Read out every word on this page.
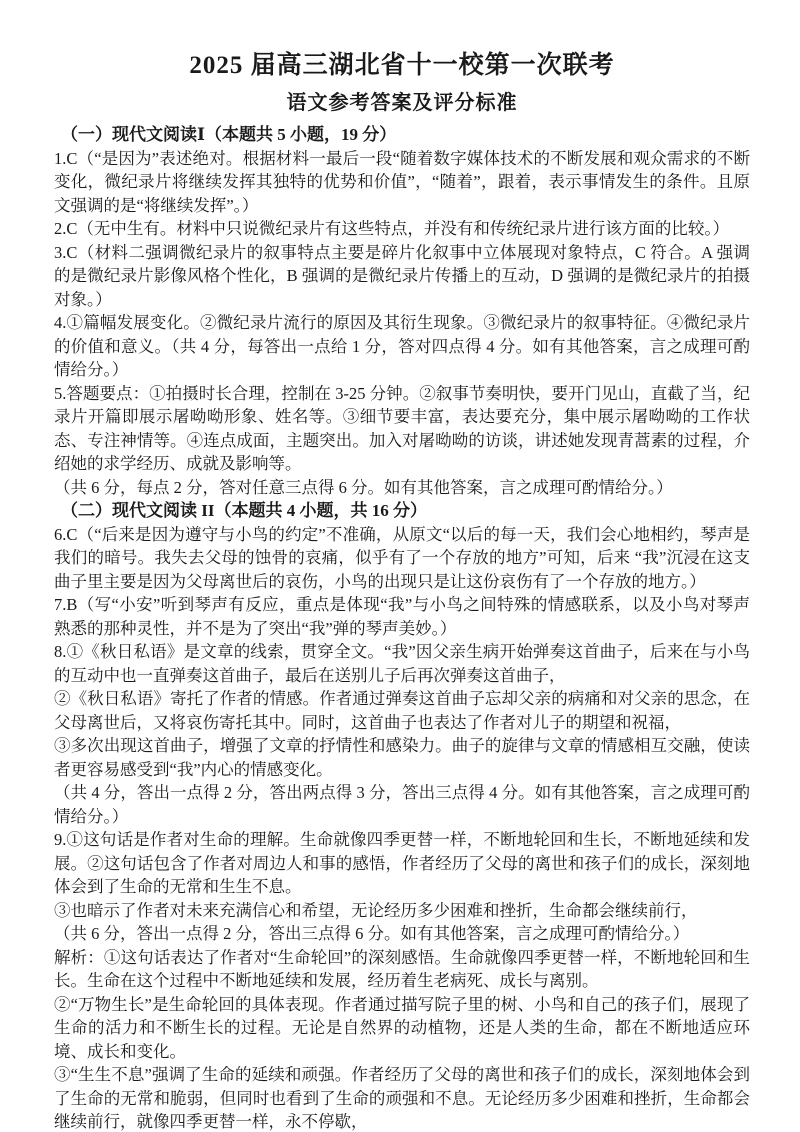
2025 届高三湖北省十一校第一次联考
语文参考答案及评分标准
（一）现代文阅读Ⅰ（本题共 5 小题，19 分）

1.C（“是因为”表述绝对。根据材料一最后一段“随着数字媒体技术的不断发展和观众需求的不断变化，微纪录片将继续发挥其独特的优势和价值”，“随着”，跟着，表示事情发生的条件。且原文强调的是“将继续发挥”。）

2.C（无中生有。材料中只说微纪录片有这些特点，并没有和传统纪录片进行该方面的比较。）

3.C（材料二强调微纪录片的叙事特点主要是碎片化叙事中立体展现对象特点，C 符合。A 强调的是微纪录片影像风格个性化，B 强调的是微纪录片传播上的互动，D 强调的是微纪录片的拍摄对象。）

4.①篇幅发展变化。②微纪录片流行的原因及其衍生现象。③微纪录片的叙事特征。④微纪录片的价值和意义。（共 4 分，每答出一点给 1 分，答对四点得 4 分。如有其他答案，言之成理可酌情给分。）

5.答题要点：①拍摄时长合理，控制在 3-25 分钟。②叙事节奏明快，要开门见山，直截了当，纪录片开篇即展示屠呦呦形象、姓名等。③细节要丰富，表达要充分，集中展示屠呦呦的工作状态、专注神情等。④连点成面，主题突出。加入对屠呦呦的访谈，讲述她发现青蒿素的过程，介绍她的求学经历、成就及影响等。

（共 6 分，每点 2 分，答对任意三点得 6 分。如有其他答案，言之成理可酌情给分。）

（二）现代文阅读 II（本题共 4 小题，共 16 分）

6.C（“后来是因为遵守与小鸟的约定”不准确，从原文“以后的每一天，我们会心地相约，琴声是我们的暗号。我失去父母的蚀骨的哀痛，似乎有了一个存放的地方”可知，后来 “我”沉浸在这支曲子里主要是因为父母离世后的哀伤，小鸟的出现只是让这份哀伤有了一个存放的地方。）

7.B（写“小安”听到琴声有反应，重点是体现“我”与小鸟之间特殊的情感联系，以及小鸟对琴声熟悉的那种灵性，并不是为了突出“我”弹的琴声美妙。）

8.①《秋日私语》是文章的线索，贯穿全文。“我”因父亲生病开始弹奏这首曲子，后来在与小鸟的互动中也一直弹奏这首曲子，最后在送别儿子后再次弹奏这首曲子，

②《秋日私语》寄托了作者的情感。作者通过弹奏这首曲子忘却父亲的病痛和对父亲的思念，在父母离世后，又将哀伤寄托其中。同时，这首曲子也表达了作者对儿子的期望和祝福，

③多次出现这首曲子，增强了文章的抒情性和感染力。曲子的旋律与文章的情感相互交融，使读者更容易感受到“我”内心的情感变化。

（共 4 分，答出一点得 2 分，答出两点得 3 分，答出三点得 4 分。如有其他答案，言之成理可酌情给分。）

9.①这句话是作者对生命的理解。生命就像四季更替一样，不断地轮回和生长，不断地延续和发展。②这句话包含了作者对周边人和事的感悟，作者经历了父母的离世和孩子们的成长，深刻地体会到了生命的无常和生生不息。

③也暗示了作者对未来充满信心和希望，无论经历多少困难和挫折，生命都会继续前行，

（共 6 分，答出一点得 2 分，答出三点得 6 分。如有其他答案，言之成理可酌情给分。）

解析：①这句话表达了作者对“生命轮回”的深刻感悟。生命就像四季更替一样，不断地轮回和生长。生命在这个过程中不断地延续和发展，经历着生老病死、成长与离别。

②“万物生长”是生命轮回的具体表现。作者通过描写院子里的树、小鸟和自己的孩子们，展现了生命的活力和不断生长的过程。无论是自然界的动植物，还是人类的生命，都在不断地适应环境、成长和变化。

③“生生不息”强调了生命的延续和顽强。作者经历了父母的离世和孩子们的成长，深刻地体会到了生命的无常和脆弱，但同时也看到了生命的顽强和不息。无论经历多少困难和挫折，生命都会继续前行，就像四季更替一样，永不停歇，
